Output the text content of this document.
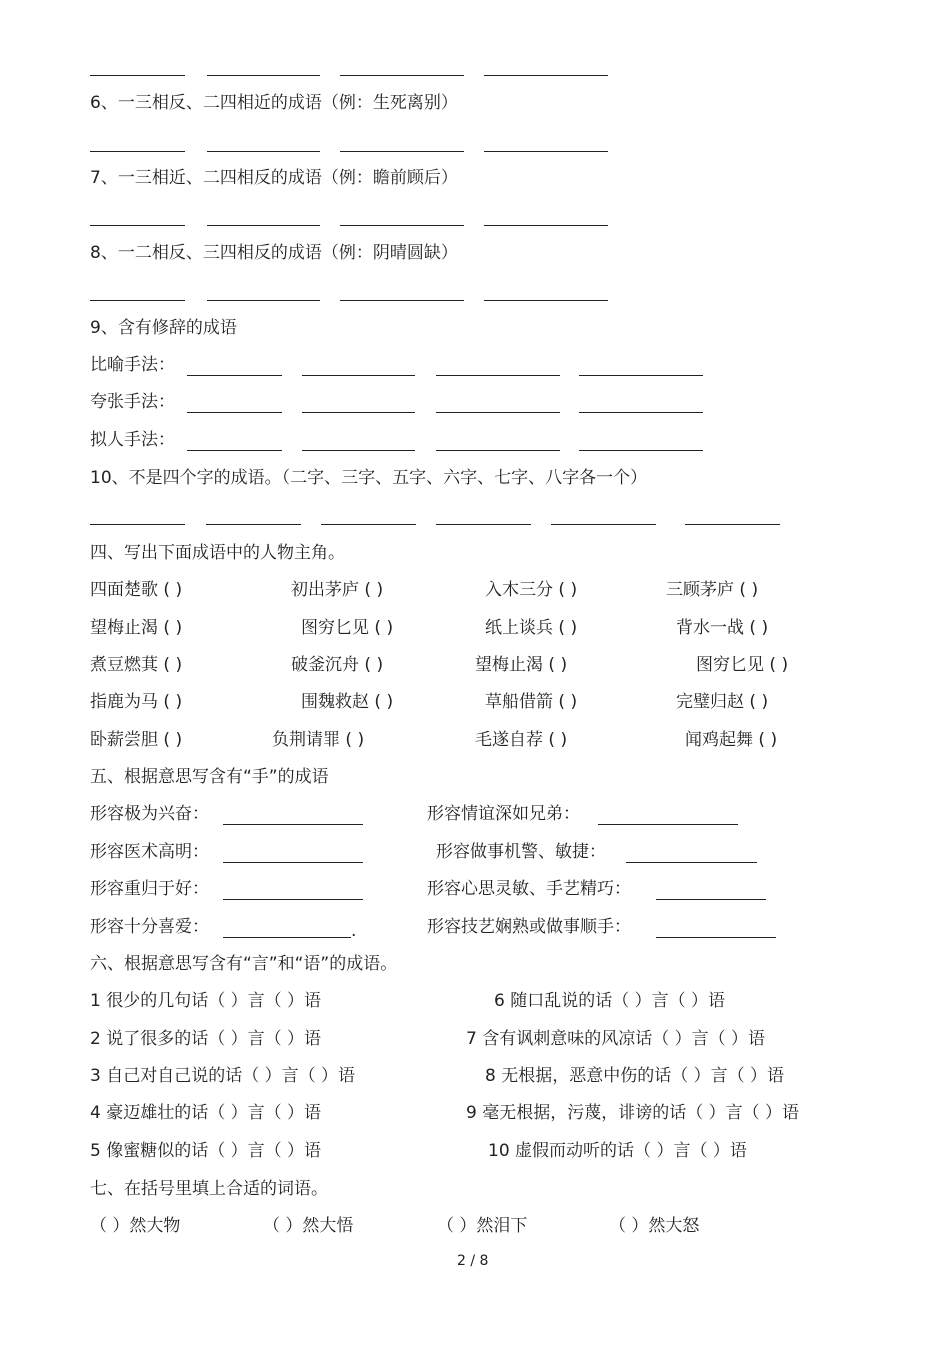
6、一三相反、二四相近的成语（例：生死离别）
7、一三相近、二四相反的成语（例：瞻前顾后）
8、一二相反、三四相反的成语（例：阴晴圆缺）
9、含有修辞的成语
比喻手法：
夸张手法：
拟人手法：
10、不是四个字的成语。（二字、三字、五字、六字、七字、八字各一个）
四、写出下面成语中的人物主角。
四面楚歌 ( )	初出茅庐 ( )	入木三分 ( )	三顾茅庐 ( )
望梅止渴 ( )	图穷匕见 ( )	纸上谈兵 ( )	背水一战 ( )
煮豆燃萁 ( )	破釜沉舟 ( )	望梅止渴 ( )	图穷匕见 ( )
指鹿为马 ( )	围魏救赵 ( )	草船借箭 ( )	完璧归赵 ( )
卧薪尝胆 ( )	负荆请罪 ( )	毛遂自荐 ( )	闻鸡起舞 ( )
五、根据意思写含有“手”的成语
形容极为兴奋：	形容情谊深如兄弟：
形容医术高明：	形容做事机警、敏捷：
形容重归于好：	形容心思灵敏、手艺精巧：
形容十分喜爱：	.	形容技艺娴熟或做事顺手：
六、根据意思写含有“言”和“语”的成语。
1 很少的几句话（ ）言（ ）语	6 随口乱说的话（ ）言（ ）语
2 说了很多的话（ ）言（ ）语	7 含有讽刺意味的风凉话（ ）言（ ）语
3 自己对自己说的话（ ）言（ ）语	8 无根据，恶意中伤的话（ ）言（ ）语
4 豪迈雄壮的话（ ）言（ ）语	9 毫无根据，污蔑，诽谤的话（ ）言（ ）语
5 像蜜糖似的话（ ）言（ ）语	10 虚假而动听的话（ ）言（ ）语
七、在括号里填上合适的词语。
（ ）然大物	（ ）然大悟	（ ）然泪下	（ ）然大怒
2 / 8
